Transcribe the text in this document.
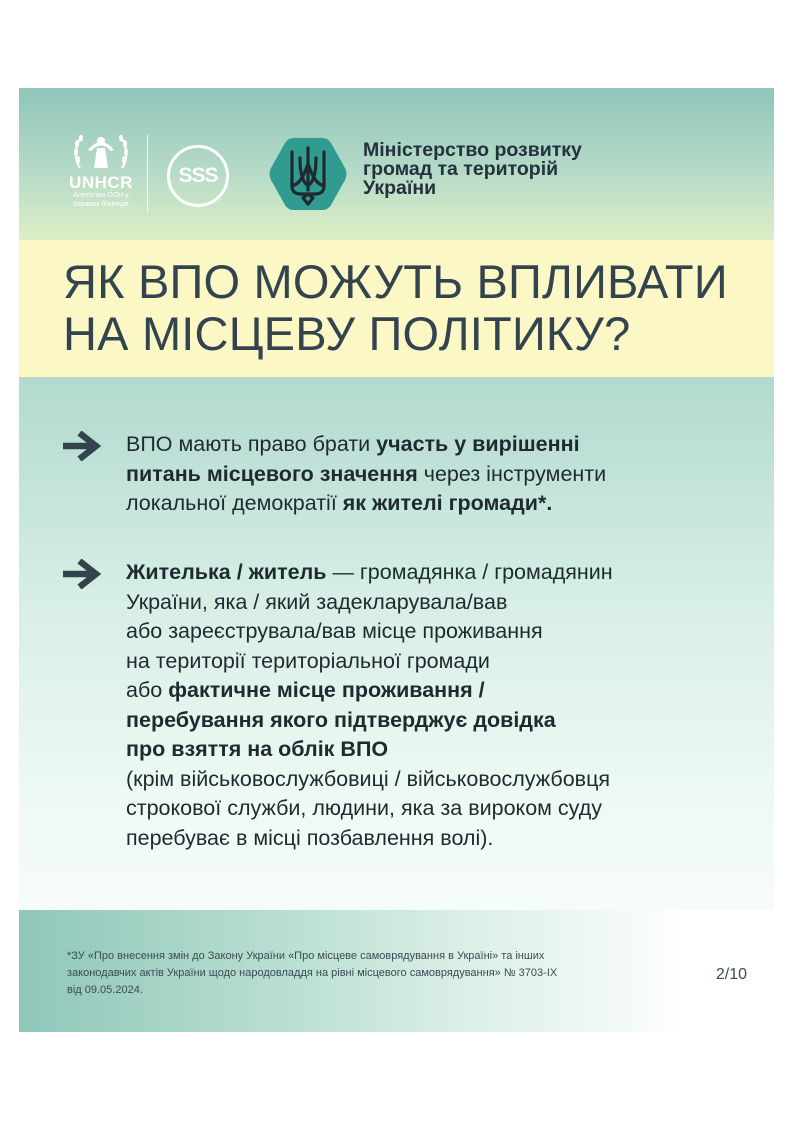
UNHCR
Агентство ООН у
справах біженців
SSS
Міністерство розвитку
громад та територій
України
ЯК ВПО МОЖУТЬ ВПЛИВАТИ
НА МІСЦЕВУ ПОЛІТИКУ?
ВПО мають право брати участь у вирішенні
питань місцевого значення через інструменти
локальної демократії як жителі громади*.
Жителька / житель — громадянка / громадянин
України, яка / який задекларувала/вав
або зареєструвала/вав місце проживання
на території територіальної громади
або фактичне місце проживання /
перебування якого підтверджує довідка
про взяття на облік ВПО
(крім військовослужбовиці / військовослужбовця
строкової служби, людини, яка за вироком суду
перебуває в місці позбавлення волі).
*ЗУ «Про внесення змін до Закону України «Про місцеве самоврядування в Україні» та інших
законодавчих актів України щодо народовладдя на рівні місцевого самоврядування» № 3703-IX
від 09.05.2024.
2/10
